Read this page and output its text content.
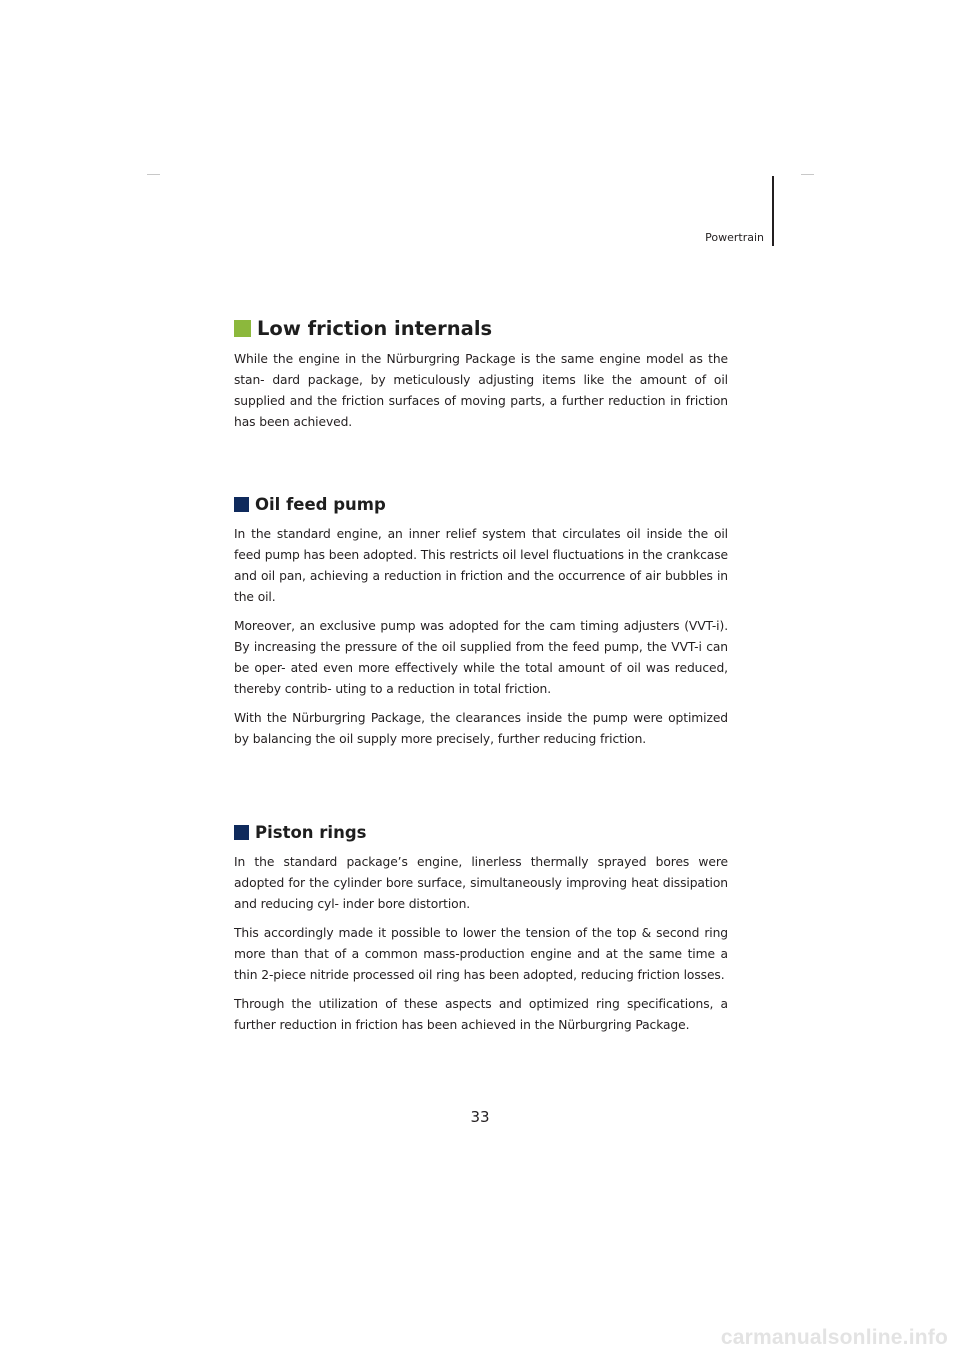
Powertrain
Low friction internals

While the engine in the Nürburgring Package is the same engine model as the stan- dard package, by meticulously adjusting items like the amount of oil supplied and the friction surfaces of moving parts, a further reduction in friction has been achieved.

Oil feed pump

In the standard engine, an inner relief system that circulates oil inside the oil feed pump has been adopted. This restricts oil level fluctuations in the crankcase and oil pan, achieving a reduction in friction and the occurrence of air bubbles in the oil.

Moreover, an exclusive pump was adopted for the cam timing adjusters (VVT-i). By increasing the pressure of the oil supplied from the feed pump, the VVT-i can be oper- ated even more effectively while the total amount of oil was reduced, thereby contrib- uting to a reduction in total friction.

With the Nürburgring Package, the clearances inside the pump were optimized by balancing the oil supply more precisely, further reducing friction.

Piston rings

In the standard package’s engine, linerless thermally sprayed bores were adopted for the cylinder bore surface, simultaneously improving heat dissipation and reducing cyl- inder bore distortion.

This accordingly made it possible to lower the tension of the top & second ring more than that of a common mass-production engine and at the same time a thin 2-piece nitride processed oil ring has been adopted, reducing friction losses.

Through the utilization of these aspects and optimized ring specifications, a further reduction in friction has been achieved in the Nürburgring Package.

33
carmanualsonline.info
